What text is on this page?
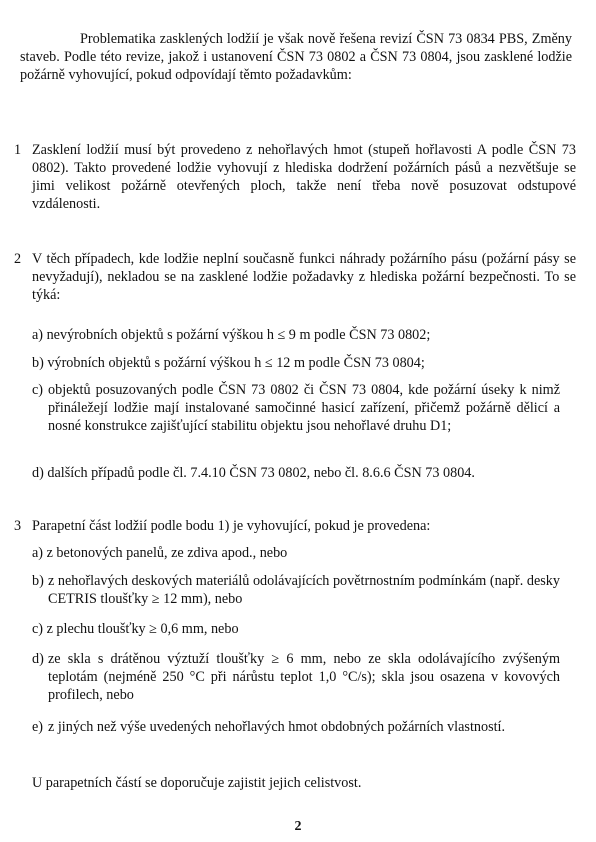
Problematika zasklených lodžií je však nově řešena revizí ČSN 73 0834 PBS, Změny staveb. Podle této revize, jakož i ustanovení ČSN 73 0802 a ČSN 73 0804, jsou zasklené lodžie požárně vyhovující, pokud odpovídají těmto požadavkům:
1 Zasklení lodžií musí být provedeno z nehořlavých hmot (stupeň hořlavosti A podle ČSN 73 0802). Takto provedené lodžie vyhovují z hlediska dodržení požárních pásů a nezvětšuje se jimi velikost požárně otevřených ploch, takže není třeba nově posuzovat odstupové vzdálenosti.
2 V těch případech, kde lodžie neplní současně funkci náhrady požárního pásu (požární pásy se nevyžadují), nekladou se na zasklené lodžie požadavky z hlediska požární bezpečnosti. To se týká:
a) nevýrobních objektů s požární výškou h ≤ 9 m podle ČSN 73 0802;
b) výrobních objektů s požární výškou h ≤ 12 m podle ČSN 73 0804;
c) objektů posuzovaných podle ČSN 73 0802 či ČSN 73 0804, kde požární úseky k nimž přináležejí lodžie mají instalované samočinné hasicí zařízení, přičemž požárně dělicí a nosné konstrukce zajišťující stabilitu objektu jsou nehořlavé druhu D1;
d) dalších případů podle čl. 7.4.10 ČSN 73 0802, nebo čl. 8.6.6 ČSN 73 0804.
3 Parapetní část lodžií podle bodu 1) je vyhovující, pokud je provedena:
a) z betonových panelů, ze zdiva apod., nebo
b) z nehořlavých deskových materiálů odolávajících povětrnostním podmínkám (např. desky CETRIS tloušťky ≥ 12 mm), nebo
c) z plechu tloušťky ≥ 0,6 mm, nebo
d) ze skla s drátěnou výztuží tloušťky ≥ 6 mm, nebo ze skla odolávajícího zvýšeným teplotám (nejméně 250 °C při nárůstu teplot 1,0 °C/s); skla jsou osazena v kovových profilech, nebo
e) z jiných než výše uvedených nehořlavých hmot obdobných požárních vlastností.
U parapetních částí se doporučuje zajistit jejich celistvost.
2
